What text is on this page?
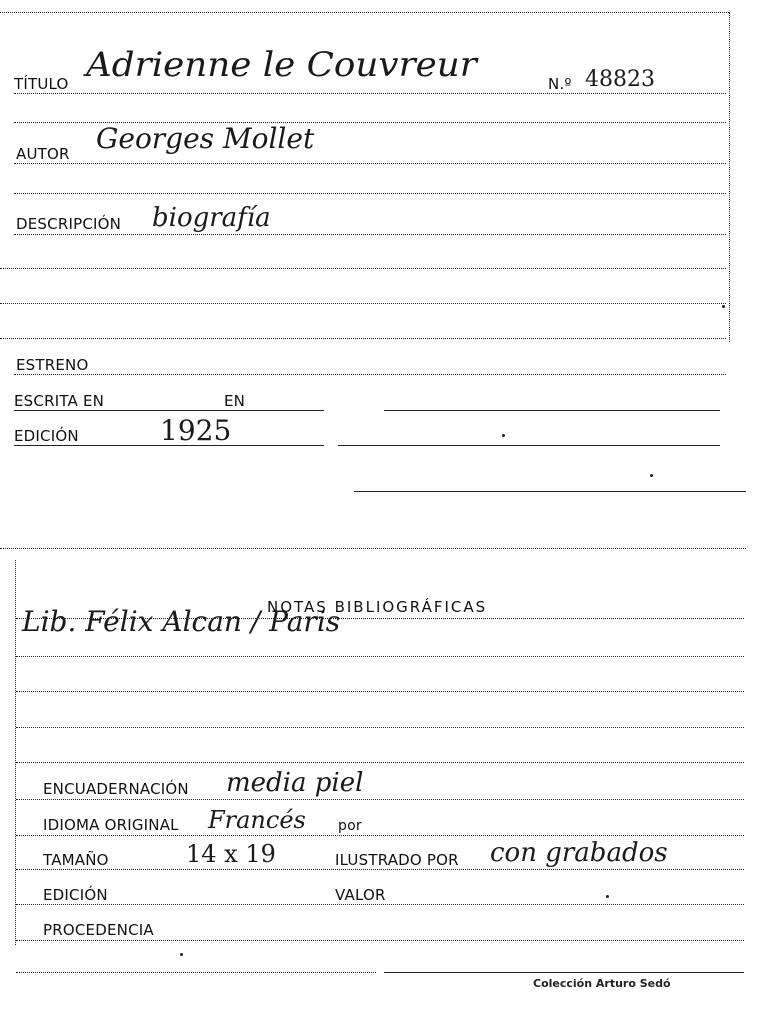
TÍTULO Adrienne le Couvreur	N.º 48823
AUTOR Georges Mollet
DESCRIPCIÓN biografía
ESTRENO
ESCRITA EN	EN
EDICIÓN	1925
NOTAS BIBLIOGRÁFICAS
Lib. Félix Alcan / Paris
ENCUADERNACIÓN media piel
IDIOMA ORIGINAL Francés por
TAMAÑO	14 x 19	ILUSTRADO POR con grabados
EDICIÓN	VALOR
PROCEDENCIA
Colección Arturo Sedó
